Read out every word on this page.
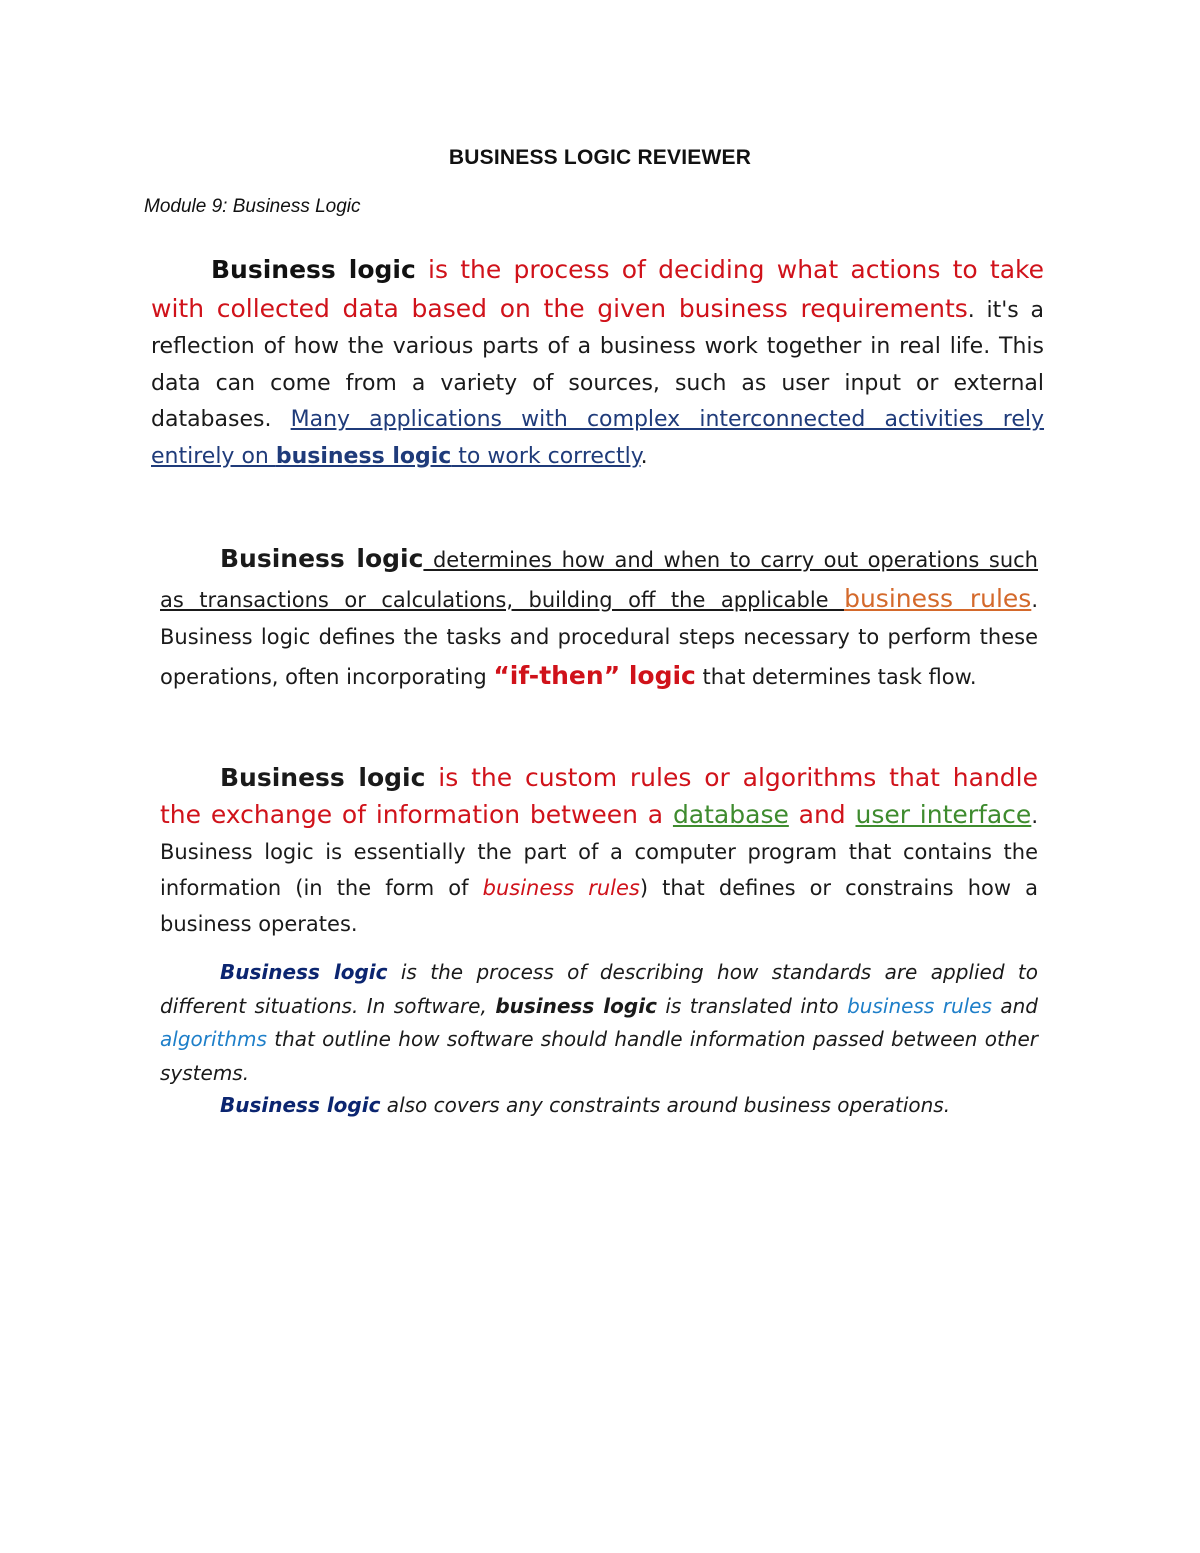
BUSINESS LOGIC REVIEWER
Module 9: Business Logic

Business logic is the process of deciding what actions to take with collected data based on the given business requirements. it's a reflection of how the various parts of a business work together in real life. This data can come from a variety of sources, such as user input or external databases. Many applications with complex interconnected activities rely entirely on business logic to work correctly.

Business logic determines how and when to carry out operations such as transactions or calculations, building off the applicable business rules. Business logic defines the tasks and procedural steps necessary to perform these operations, often incorporating “if-then” logic that determines task flow.

Business logic is the custom rules or algorithms that handle the exchange of information between a database and user interface. Business logic is essentially the part of a computer program that contains the information (in the form of business rules) that defines or constrains how a business operates.

Business logic is the process of describing how standards are applied to different situations. In software, business logic is translated into business rules and algorithms that outline how software should handle information passed between other systems.

Business logic also covers any constraints around business operations.
